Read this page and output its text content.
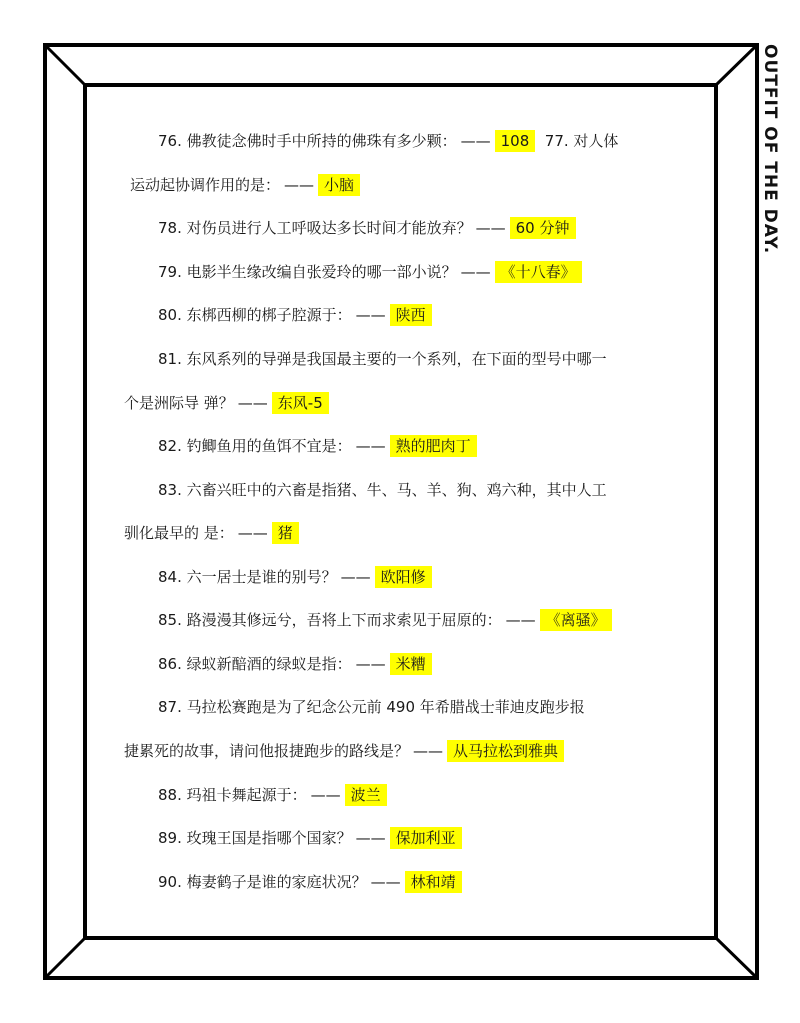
OUTFIT OF THE DAY.
76. 佛教徒念佛时手中所持的佛珠有多少颗： —— 108  77. 对人体
运动起协调作用的是： —— 小脑
78. 对伤员进行人工呼吸达多长时间才能放弃？ —— 60 分钟
79. 电影半生缘改编自张爱玲的哪一部小说？ —— 《十八春》
80. 东梆西柳的梆子腔源于： —— 陕西
81. 东风系列的导弹是我国最主要的一个系列，在下面的型号中哪一
个是洲际导 弹？ —— 东风-5
82. 钓鲫鱼用的鱼饵不宜是： —— 熟的肥肉丁
83. 六畜兴旺中的六畜是指猪、牛、马、羊、狗、鸡六种，其中人工
驯化最早的 是： —— 猪
84. 六一居士是谁的别号？ —— 欧阳修
85. 路漫漫其修远兮，吾将上下而求索见于屈原的： —— 《离骚》
86. 绿蚁新醅酒的绿蚁是指： —— 米糟
87. 马拉松赛跑是为了纪念公元前 490 年希腊战士菲迪皮跑步报
捷累死的故事，请问他报捷跑步的路线是？ —— 从马拉松到雅典
88. 玛祖卡舞起源于： —— 波兰
89. 玫瑰王国是指哪个国家？ —— 保加利亚
90. 梅妻鹤子是谁的家庭状况？ —— 林和靖
